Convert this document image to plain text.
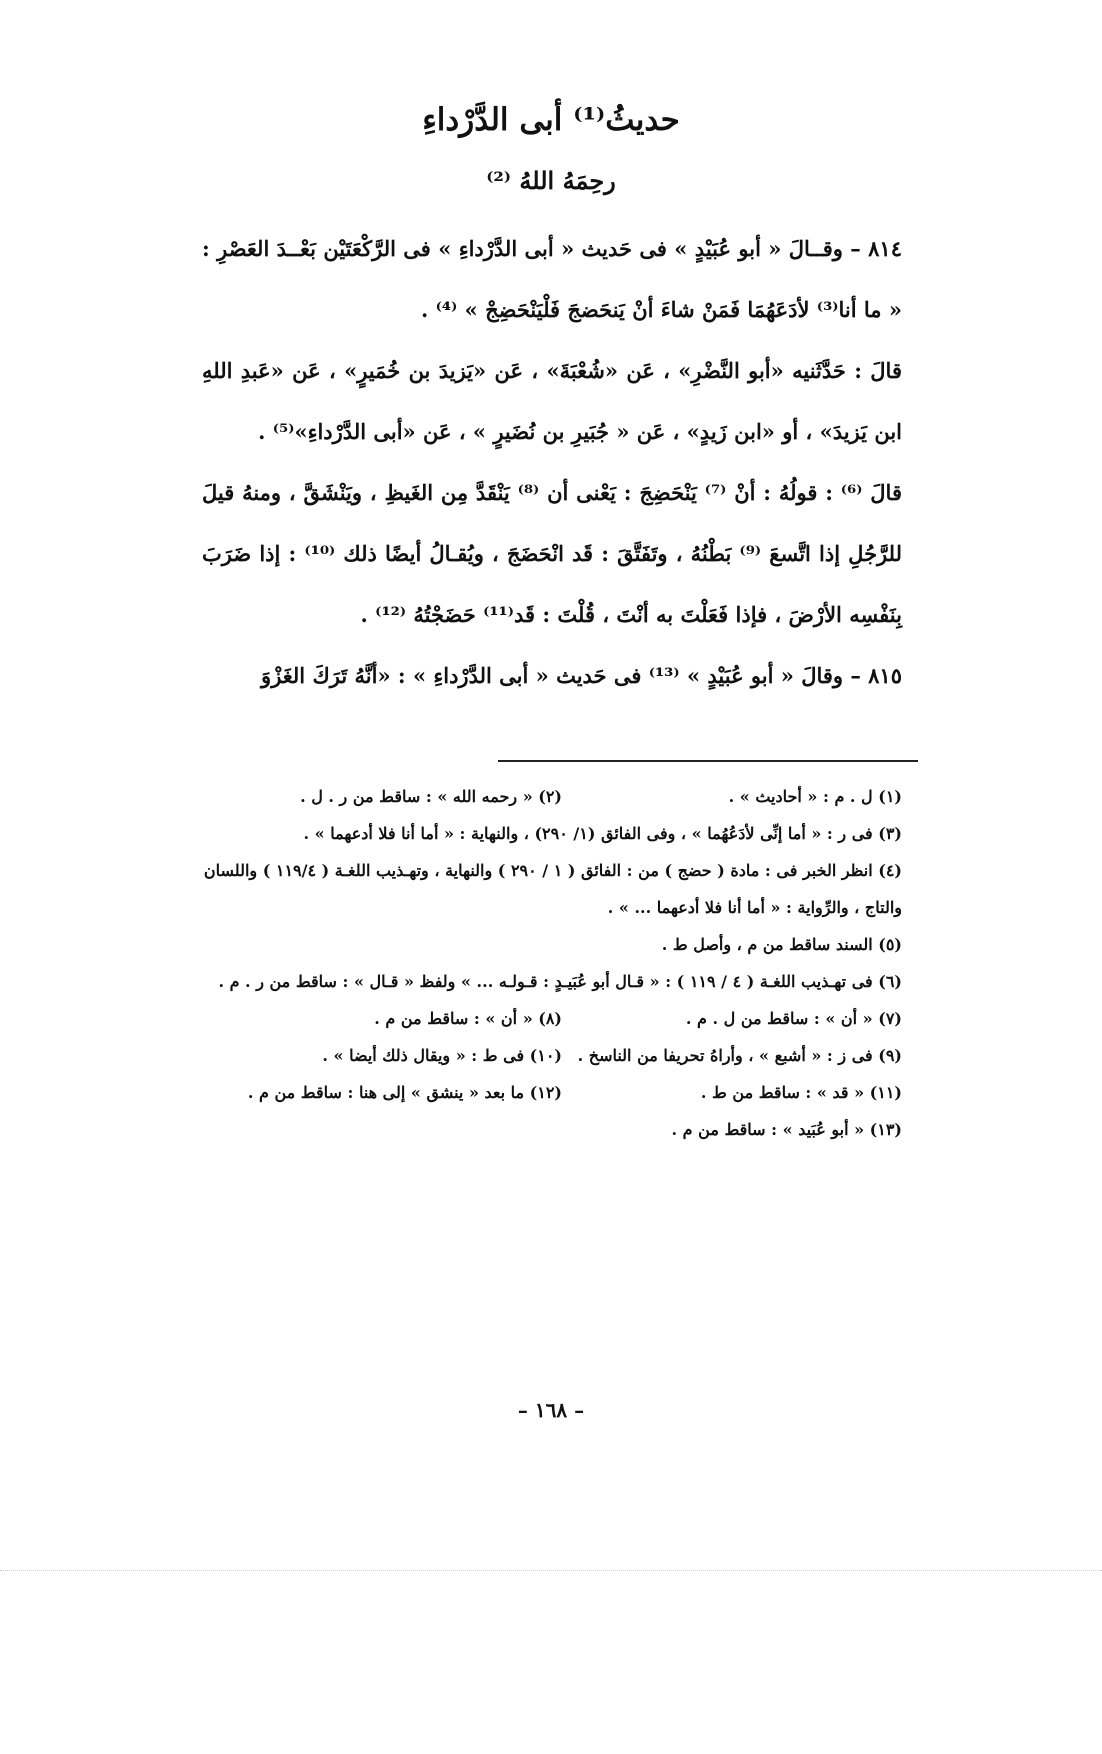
حديثُ⁽¹⁾ أبى الدَّرْداءِ
رحِمَهُ اللهُ ⁽²⁾

٨١٤ – وقــالَ « أبو عُبَيْدٍ » فى حَديث « أبى الدَّرْداءِ » فى الرَّكْعَتَيْن بَعْــدَ العَصْرِ : « ما أنا⁽³⁾ لأدَعَهُمَا فَمَنْ شاءَ أنْ يَنحَضجَ فَلْيَنْحَضِجْ » ⁽⁴⁾ .

قالَ : حَدَّثَنيه «أبو النَّضْرِ» ، عَن «شُعْبَةَ» ، عَن «يَزيدَ بن خُمَيرٍ» ، عَن «عَبدِ اللهِ ابن يَزيدَ» ، أو «ابن زَيدٍ» ، عَن « جُبَيرِ بن نُضَيرٍ » ، عَن «أبى الدَّرْداءِ»⁽⁵⁾ .

قالَ ⁽⁶⁾ : قولُهُ : أنْ ⁽⁷⁾ يَنْحَضِجَ : يَعْنى أن ⁽⁸⁾ يَنْقَدَّ مِن الغَيظِ ، ويَنْشَقَّ ، ومنهُ قيلَ للرَّجُلِ إذا اتَّسعَ ⁽⁹⁾ بَطْنُهُ ، وتَفَتَّقَ : قَد انْحَضَجَ ، ويُقـالُ أيضًا ذلك ⁽¹⁰⁾ : إذا ضَرَبَ بِنَفْسِه الأرْضَ ، فإذا فَعَلْتَ به أنْتَ ، قُلْتَ : قَد⁽¹¹⁾ حَضَجْتُهُ ⁽¹²⁾ .

٨١٥ – وقالَ « أبو عُبَيْدٍ » ⁽¹³⁾ فى حَديث « أبى الدَّرْداءِ » : «أنَّهُ تَرَكَ الغَزْوَ

(١) ل . م : « أحاديث » .
(٢) « رحمه الله » : ساقط من ر . ل .

(٣) فى ر : « أما إنِّى لأدَعُهُما » ، وفى الفائق (١/ ٢٩٠) ، والنهاية : « أما أنا فلا أدعهما » .

(٤) انظر الخبر فى : مادة ( حضج ) من : الفائق ( ١ / ٢٩٠ ) والنهاية ، وتهـذيب اللغـة ( ١١٩/٤ ) واللسان والتاج ، والرِّواية : « أما أنا فلا أدعهما ... » .

(٥) السند ساقط من م ، وأصل ط .

(٦) فى تهـذيب اللغـة ( ٤ / ١١٩ ) : « قـال أبو عُبَيـدٍ : قـولـه ... » ولفظ « قـال » : ساقط من ر . م .

(٧) « أن » : ساقط من ل . م .
(٨) « أن » : ساقط من م .
(٩) فى ز : « أشبع » ، وأراهُ تحريفا من الناسخ .
(١٠) فى ط : « ويقال ذلك أيضا » .
(١١) « قد » : ساقط من ط .
(١٢) ما بعد « ينشق » إلى هنا : ساقط من م .

(١٣) « أبو عُبَيد » : ساقط من م .

– ١٦٨ –
